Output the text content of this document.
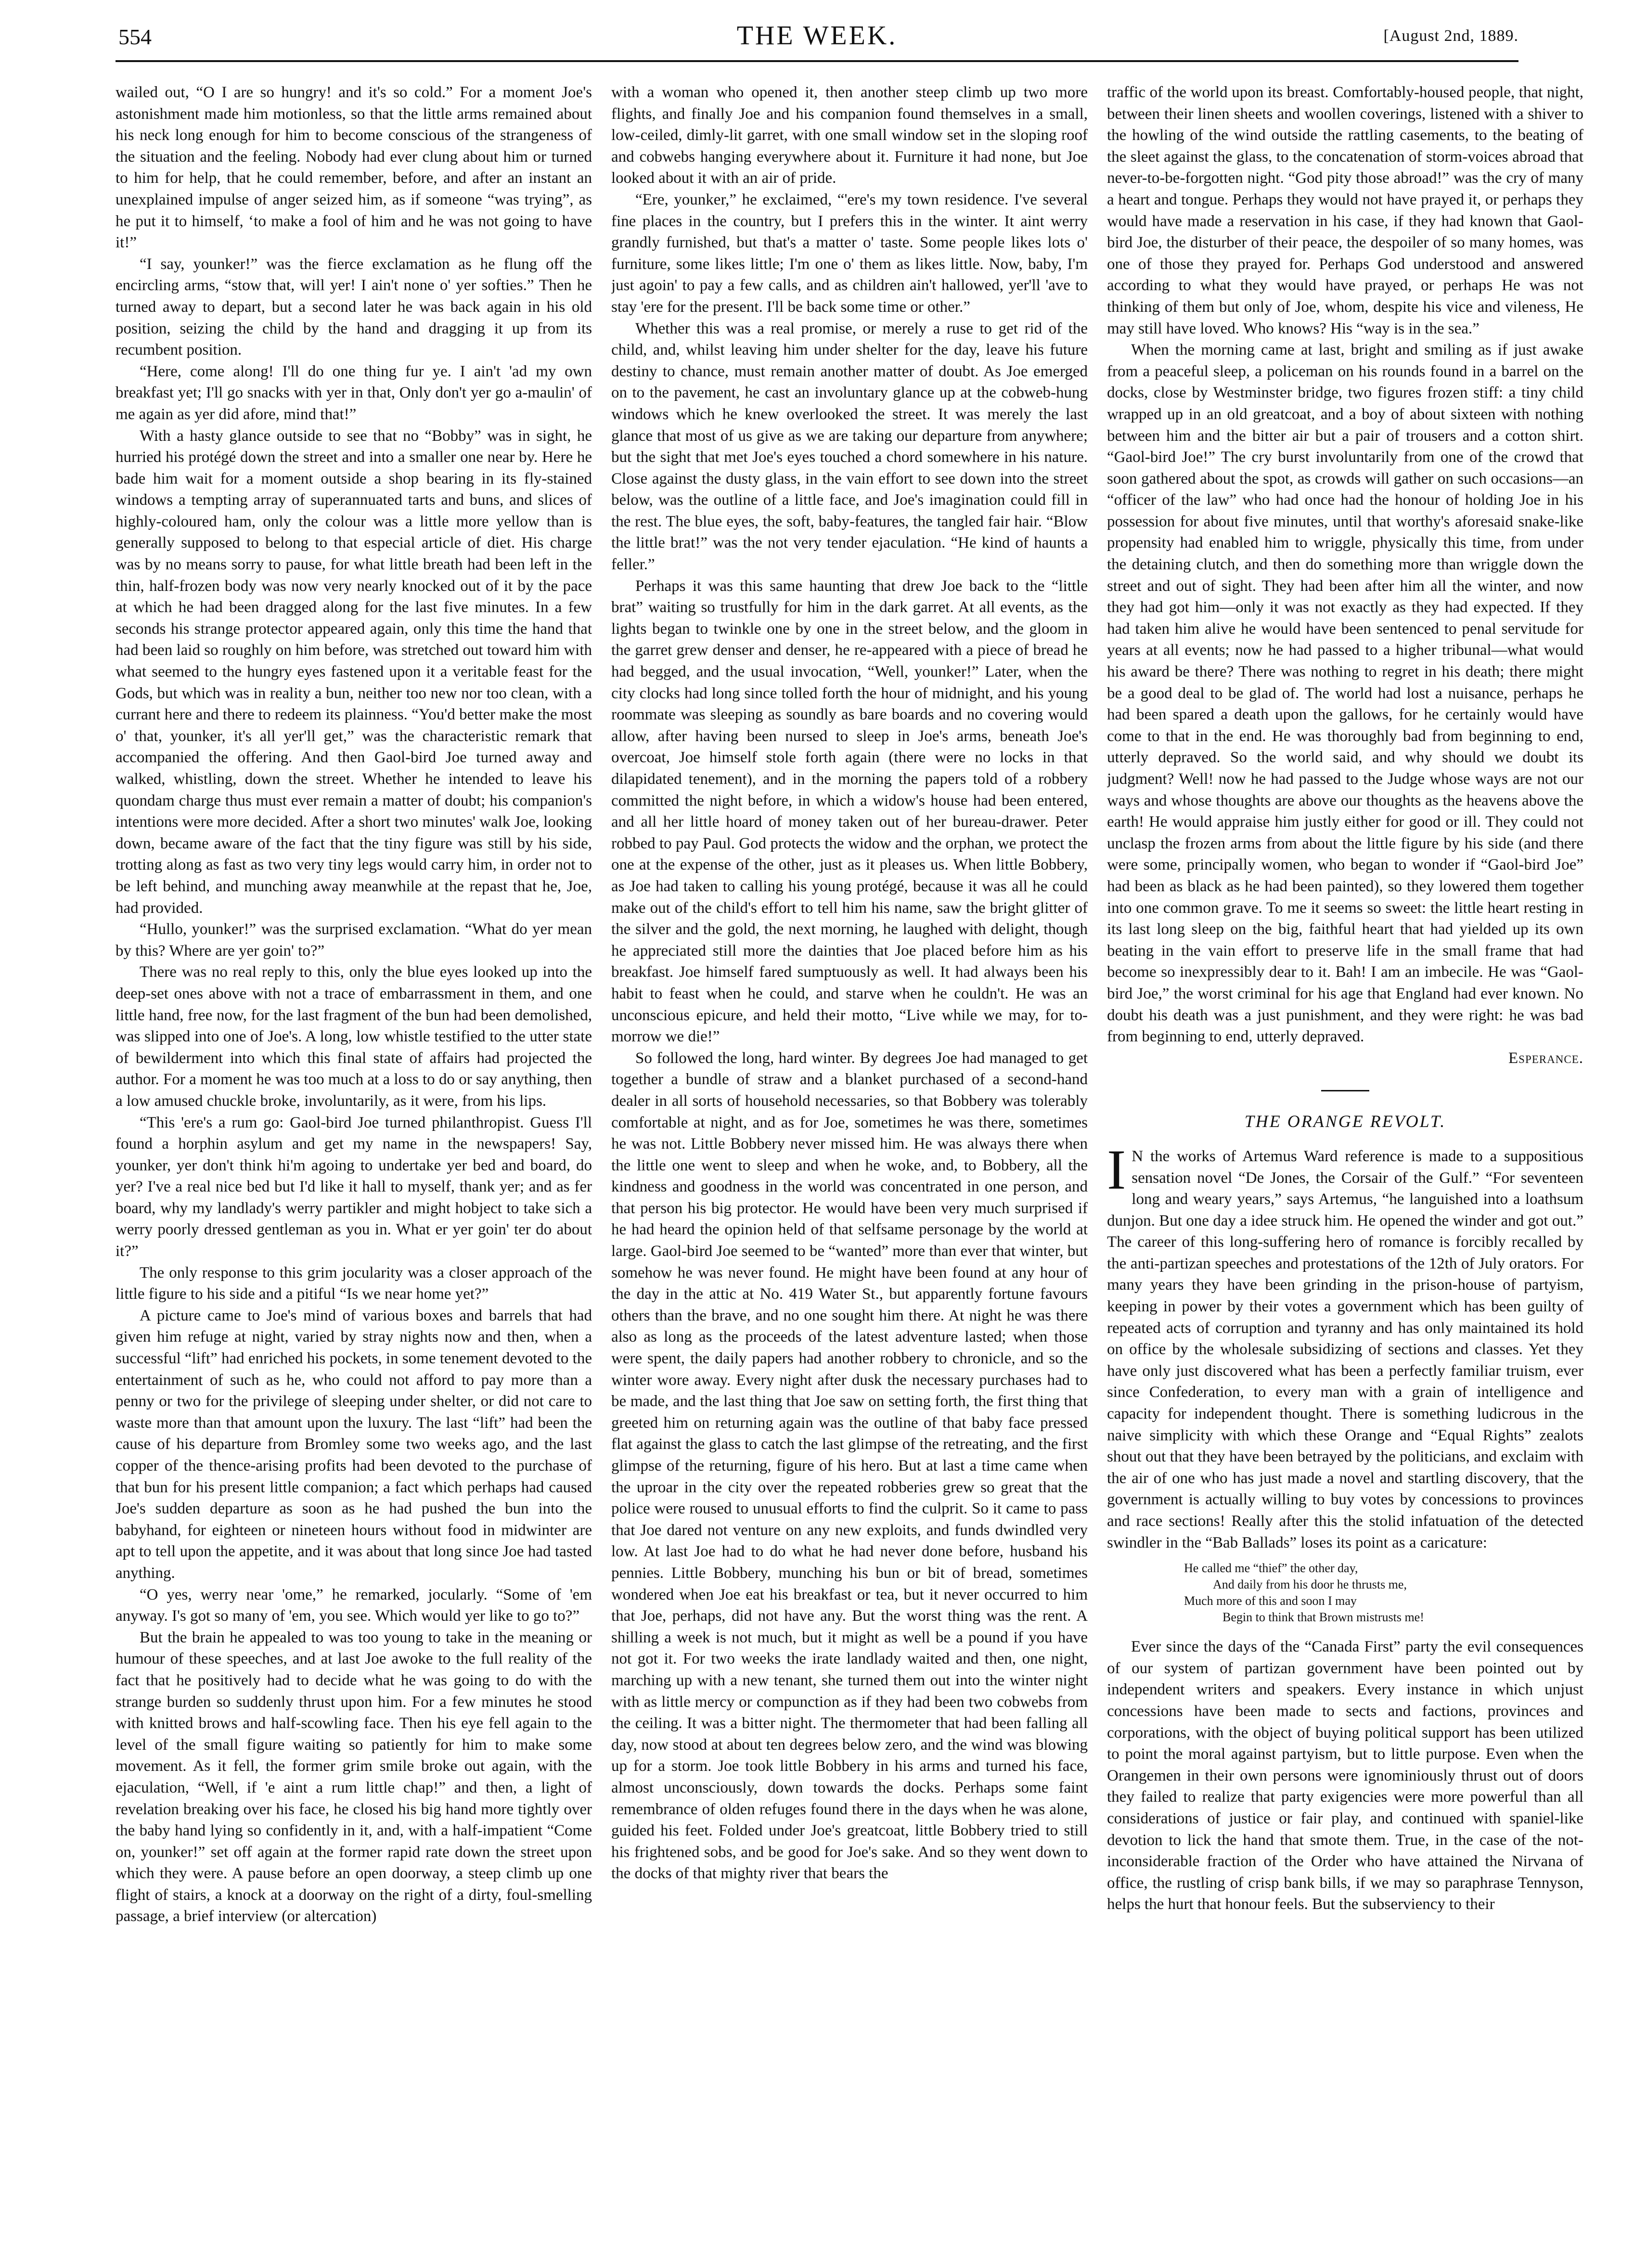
554	THE WEEK.	[August 2nd, 1889.

wailed out, “O I are so hungry! and it's so cold.” For a moment Joe's astonishment made him motionless, so that the little arms remained about his neck long enough for him to become conscious of the strangeness of the situation and the feeling. Nobody had ever clung about him or turned to him for help, that he could remember, before, and after an instant an unexplained impulse of anger seized him, as if someone “was trying”, as he put it to himself, ‘to make a fool of him and he was not going to have it!”

“I say, younker!” was the fierce exclamation as he flung off the encircling arms, “stow that, will yer! I ain't none o' yer softies.” Then he turned away to depart, but a second later he was back again in his old position, seizing the child by the hand and dragging it up from its recumbent position.

“Here, come along! I'll do one thing fur ye. I ain't 'ad my own breakfast yet; I'll go snacks with yer in that, Only don't yer go a-maulin' of me again as yer did afore, mind that!”

With a hasty glance outside to see that no “Bobby” was in sight, he hurried his protégé down the street and into a smaller one near by. Here he bade him wait for a moment outside a shop bearing in its fly-stained windows a tempting array of superannuated tarts and buns, and slices of highly-coloured ham, only the colour was a little more yellow than is generally supposed to belong to that especial article of diet. His charge was by no means sorry to pause, for what little breath had been left in the thin, half-frozen body was now very nearly knocked out of it by the pace at which he had been dragged along for the last five minutes. In a few seconds his strange protector appeared again, only this time the hand that had been laid so roughly on him before, was stretched out toward him with what seemed to the hungry eyes fastened upon it a veritable feast for the Gods, but which was in reality a bun, neither too new nor too clean, with a currant here and there to redeem its plainness. “You'd better make the most o' that, younker, it's all yer'll get,” was the characteristic remark that accompanied the offering. And then Gaol-bird Joe turned away and walked, whistling, down the street. Whether he intended to leave his quondam charge thus must ever remain a matter of doubt; his companion's intentions were more decided. After a short two minutes' walk Joe, looking down, became aware of the fact that the tiny figure was still by his side, trotting along as fast as two very tiny legs would carry him, in order not to be left behind, and munching away meanwhile at the repast that he, Joe, had provided.

“Hullo, younker!” was the surprised exclamation. “What do yer mean by this? Where are yer goin' to?”

There was no real reply to this, only the blue eyes looked up into the deep-set ones above with not a trace of embarrassment in them, and one little hand, free now, for the last fragment of the bun had been demolished, was slipped into one of Joe's. A long, low whistle testified to the utter state of bewilderment into which this final state of affairs had projected the author. For a moment he was too much at a loss to do or say anything, then a low amused chuckle broke, involuntarily, as it were, from his lips.

“This 'ere's a rum go: Gaol-bird Joe turned philanthropist. Guess I'll found a horphin asylum and get my name in the newspapers! Say, younker, yer don't think hi'm agoing to undertake yer bed and board, do yer? I've a real nice bed but I'd like it hall to myself, thank yer; and as fer board, why my landlady's werry partikler and might hobject to take sich a werry poorly dressed gentleman as you in. What er yer goin' ter do about it?”

The only response to this grim jocularity was a closer approach of the little figure to his side and a pitiful “Is we near home yet?”

A picture came to Joe's mind of various boxes and barrels that had given him refuge at night, varied by stray nights now and then, when a successful “lift” had enriched his pockets, in some tenement devoted to the entertainment of such as he, who could not afford to pay more than a penny or two for the privilege of sleeping under shelter, or did not care to waste more than that amount upon the luxury. The last “lift” had been the cause of his departure from Bromley some two weeks ago, and the last copper of the thence-arising profits had been devoted to the purchase of that bun for his present little companion; a fact which perhaps had caused Joe's sudden departure as soon as he had pushed the bun into the babyhand, for eighteen or nineteen hours without food in midwinter are apt to tell upon the appetite, and it was about that long since Joe had tasted anything.

“O yes, werry near 'ome,” he remarked, jocularly. “Some of 'em anyway. I's got so many of 'em, you see. Which would yer like to go to?”

But the brain he appealed to was too young to take in the meaning or humour of these speeches, and at last Joe awoke to the full reality of the fact that he positively had to decide what he was going to do with the strange burden so suddenly thrust upon him. For a few minutes he stood with knitted brows and half-scowling face. Then his eye fell again to the level of the small figure waiting so patiently for him to make some movement. As it fell, the former grim smile broke out again, with the ejaculation, “Well, if 'e aint a rum little chap!” and then, a light of revelation breaking over his face, he closed his big hand more tightly over the baby hand lying so confidently in it, and, with a half-impatient “Come on, younker!” set off again at the former rapid rate down the street upon which they were. A pause before an open doorway, a steep climb up one flight of stairs, a knock at a doorway on the right of a dirty, foul-smelling passage, a brief interview (or altercation)

with a woman who opened it, then another steep climb up two more flights, and finally Joe and his companion found themselves in a small, low-ceiled, dimly-lit garret, with one small window set in the sloping roof and cobwebs hanging everywhere about it. Furniture it had none, but Joe looked about it with an air of pride.

“Ere, younker,” he exclaimed, “'ere's my town residence. I've several fine places in the country, but I prefers this in the winter. It aint werry grandly furnished, but that's a matter o' taste. Some people likes lots o' furniture, some likes little; I'm one o' them as likes little. Now, baby, I'm just agoin' to pay a few calls, and as children ain't hallowed, yer'll 'ave to stay 'ere for the present. I'll be back some time or other.”

Whether this was a real promise, or merely a ruse to get rid of the child, and, whilst leaving him under shelter for the day, leave his future destiny to chance, must remain another matter of doubt. As Joe emerged on to the pavement, he cast an involuntary glance up at the cobweb-hung windows which he knew overlooked the street. It was merely the last glance that most of us give as we are taking our departure from anywhere; but the sight that met Joe's eyes touched a chord somewhere in his nature. Close against the dusty glass, in the vain effort to see down into the street below, was the outline of a little face, and Joe's imagination could fill in the rest. The blue eyes, the soft, baby-features, the tangled fair hair. “Blow the little brat!” was the not very tender ejaculation. “He kind of haunts a feller.”

Perhaps it was this same haunting that drew Joe back to the “little brat” waiting so trustfully for him in the dark garret. At all events, as the lights began to twinkle one by one in the street below, and the gloom in the garret grew denser and denser, he re-appeared with a piece of bread he had begged, and the usual invocation, “Well, younker!” Later, when the city clocks had long since tolled forth the hour of midnight, and his young roommate was sleeping as soundly as bare boards and no covering would allow, after having been nursed to sleep in Joe's arms, beneath Joe's overcoat, Joe himself stole forth again (there were no locks in that dilapidated tenement), and in the morning the papers told of a robbery committed the night before, in which a widow's house had been entered, and all her little hoard of money taken out of her bureau-drawer. Peter robbed to pay Paul. God protects the widow and the orphan, we protect the one at the expense of the other, just as it pleases us. When little Bobbery, as Joe had taken to calling his young protégé, because it was all he could make out of the child's effort to tell him his name, saw the bright glitter of the silver and the gold, the next morning, he laughed with delight, though he appreciated still more the dainties that Joe placed before him as his breakfast. Joe himself fared sumptuously as well. It had always been his habit to feast when he could, and starve when he couldn't. He was an unconscious epicure, and held their motto, “Live while we may, for to-morrow we die!”

So followed the long, hard winter. By degrees Joe had managed to get together a bundle of straw and a blanket purchased of a second-hand dealer in all sorts of household necessaries, so that Bobbery was tolerably comfortable at night, and as for Joe, sometimes he was there, sometimes he was not. Little Bobbery never missed him. He was always there when the little one went to sleep and when he woke, and, to Bobbery, all the kindness and goodness in the world was concentrated in one person, and that person his big protector. He would have been very much surprised if he had heard the opinion held of that selfsame personage by the world at large. Gaol-bird Joe seemed to be “wanted” more than ever that winter, but somehow he was never found. He might have been found at any hour of the day in the attic at No. 419 Water St., but apparently fortune favours others than the brave, and no one sought him there. At night he was there also as long as the proceeds of the latest adventure lasted; when those were spent, the daily papers had another robbery to chronicle, and so the winter wore away. Every night after dusk the necessary purchases had to be made, and the last thing that Joe saw on setting forth, the first thing that greeted him on returning again was the outline of that baby face pressed flat against the glass to catch the last glimpse of the retreating, and the first glimpse of the returning, figure of his hero. But at last a time came when the uproar in the city over the repeated robberies grew so great that the police were roused to unusual efforts to find the culprit. So it came to pass that Joe dared not venture on any new exploits, and funds dwindled very low. At last Joe had to do what he had never done before, husband his pennies. Little Bobbery, munching his bun or bit of bread, sometimes wondered when Joe eat his breakfast or tea, but it never occurred to him that Joe, perhaps, did not have any. But the worst thing was the rent. A shilling a week is not much, but it might as well be a pound if you have not got it. For two weeks the irate landlady waited and then, one night, marching up with a new tenant, she turned them out into the winter night with as little mercy or compunction as if they had been two cobwebs from the ceiling. It was a bitter night. The thermometer that had been falling all day, now stood at about ten degrees below zero, and the wind was blowing up for a storm. Joe took little Bobbery in his arms and turned his face, almost unconsciously, down towards the docks. Perhaps some faint remembrance of olden refuges found there in the days when he was alone, guided his feet. Folded under Joe's greatcoat, little Bobbery tried to still his frightened sobs, and be good for Joe's sake. And so they went down to the docks of that mighty river that bears the

traffic of the world upon its breast. Comfortably-housed people, that night, between their linen sheets and woollen coverings, listened with a shiver to the howling of the wind outside the rattling casements, to the beating of the sleet against the glass, to the concatenation of storm-voices abroad that never-to-be-forgotten night. “God pity those abroad!” was the cry of many a heart and tongue. Perhaps they would not have prayed it, or perhaps they would have made a reservation in his case, if they had known that Gaol-bird Joe, the disturber of their peace, the despoiler of so many homes, was one of those they prayed for. Perhaps God understood and answered according to what they would have prayed, or perhaps He was not thinking of them but only of Joe, whom, despite his vice and vileness, He may still have loved. Who knows? His “way is in the sea.”

When the morning came at last, bright and smiling as if just awake from a peaceful sleep, a policeman on his rounds found in a barrel on the docks, close by Westminster bridge, two figures frozen stiff: a tiny child wrapped up in an old greatcoat, and a boy of about sixteen with nothing between him and the bitter air but a pair of trousers and a cotton shirt. “Gaol-bird Joe!” The cry burst involuntarily from one of the crowd that soon gathered about the spot, as crowds will gather on such occasions—an “officer of the law” who had once had the honour of holding Joe in his possession for about five minutes, until that worthy's aforesaid snake-like propensity had enabled him to wriggle, physically this time, from under the detaining clutch, and then do something more than wriggle down the street and out of sight. They had been after him all the winter, and now they had got him—only it was not exactly as they had expected. If they had taken him alive he would have been sentenced to penal servitude for years at all events; now he had passed to a higher tribunal—what would his award be there? There was nothing to regret in his death; there might be a good deal to be glad of. The world had lost a nuisance, perhaps he had been spared a death upon the gallows, for he certainly would have come to that in the end. He was thoroughly bad from beginning to end, utterly depraved. So the world said, and why should we doubt its judgment? Well! now he had passed to the Judge whose ways are not our ways and whose thoughts are above our thoughts as the heavens above the earth! He would appraise him justly either for good or ill. They could not unclasp the frozen arms from about the little figure by his side (and there were some, principally women, who began to wonder if “Gaol-bird Joe” had been as black as he had been painted), so they lowered them together into one common grave. To me it seems so sweet: the little heart resting in its last long sleep on the big, faithful heart that had yielded up its own beating in the vain effort to preserve life in the small frame that had become so inexpressibly dear to it. Bah! I am an imbecile. He was “Gaol-bird Joe,” the worst criminal for his age that England had ever known. No doubt his death was a just punishment, and they were right: he was bad from beginning to end, utterly depraved.

Esperance.

THE ORANGE REVOLT.

I N the works of Artemus Ward reference is made to a suppositious sensation novel “De Jones, the Corsair of the Gulf.” “For seventeen long and weary years,” says Artemus, “he languished into a loathsum dunjon. But one day a idee struck him. He opened the winder and got out.” The career of this long-suffering hero of romance is forcibly recalled by the anti-partizan speeches and protestations of the 12th of July orators. For many years they have been grinding in the prison-house of partyism, keeping in power by their votes a government which has been guilty of repeated acts of corruption and tyranny and has only maintained its hold on office by the wholesale subsidizing of sections and classes. Yet they have only just discovered what has been a perfectly familiar truism, ever since Confederation, to every man with a grain of intelligence and capacity for independent thought. There is something ludicrous in the naive simplicity with which these Orange and “Equal Rights” zealots shout out that they have been betrayed by the politicians, and exclaim with the air of one who has just made a novel and startling discovery, that the government is actually willing to buy votes by concessions to provinces and race sections! Really after this the stolid infatuation of the detected swindler in the “Bab Ballads” loses its point as a caricature:

He called me “thief” the other day,
And daily from his door he thrusts me,
Much more of this and soon I may
Begin to think that Brown mistrusts me!

Ever since the days of the “Canada First” party the evil consequences of our system of partizan government have been pointed out by independent writers and speakers. Every instance in which unjust concessions have been made to sects and factions, provinces and corporations, with the object of buying political support has been utilized to point the moral against partyism, but to little purpose. Even when the Orangemen in their own persons were ignominiously thrust out of doors they failed to realize that party exigencies were more powerful than all considerations of justice or fair play, and continued with spaniel-like devotion to lick the hand that smote them. True, in the case of the not-inconsiderable fraction of the Order who have attained the Nirvana of office, the rustling of crisp bank bills, if we may so paraphrase Tennyson, helps the hurt that honour feels. But the subserviency to their
